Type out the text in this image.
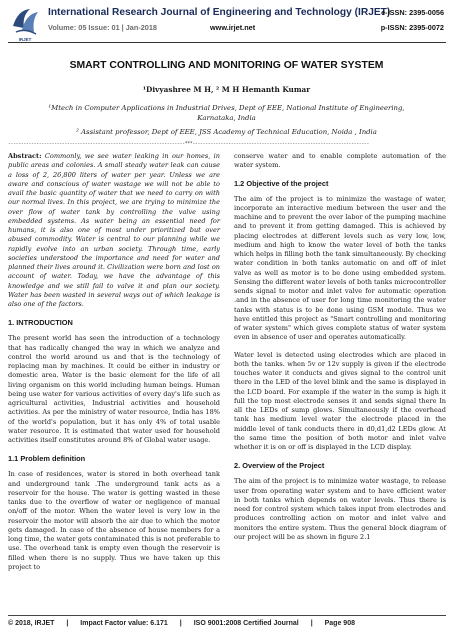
IRJET
International Research Journal of Engineering and Technology (IRJET)
e-ISSN: 2395-0056
Volume: 05 Issue: 01 | Jan-2018	www.irjet.net	p-ISSN: 2395-0072
SMART CONTROLLING AND MONITORING OF WATER SYSTEM
¹Divyashree M H, ² M H Hemanth Kumar
¹Mtech in Computer Applications in Industrial Drives, Dept of EEE, National Institute of Engineering, Karnataka, India
² Assistant professor, Dept of EEE, JSS Academy of Technical Education, Noida , India
---------------------------------------------------------------------***---------------------------------------------------------------------

Abstract: Commonly, we see water leaking in our homes, in public areas and colonies. A small steady water leak can cause a loss of 2, 26,800 liters of water per year. Unless we are aware and conscious of water wastage we will not be able to avail the basic quantity of water that we need to carry on with our normal lives. In this project, we are trying to minimize the over flow of water tank by controlling the valve using embedded systems. As water being an essential need for humans, it is also one of most under prioritized but over abused commodity. Water is central to our planning while we rapidly evolve into an urban society. Through time, early societies understood the importance and need for water and planned their lives around it. Civilization were born and lost on account of water. Today, we have the advantage of this knowledge and we still fail to valve it and plan our society. Water has been wasted in several ways out of which leakage is also one of the factors.

1. INTRODUCTION

The present world has seen the introduction of a technology that has radically changed the way in which we analyze and control the world around us and that is the technology of replacing man by machines. It could be either in industry or domestic area. Water is the basic element for the life of all living organism on this world including human beings. Human being use water for various activities of every day's life such as agricultural activities, Industrial activities and household activities. As per the ministry of water resource, India has 18% of the world's population, but it has only 4% of total usable water resource. It is estimated that water used for household activities itself constitutes around 8% of Global water usage.

1.1 Problem definition

In case of residences, water is stored in both overhead tank and underground tank .The underground tank acts as a reservoir for the house. The water is getting wasted in these tanks due to the overflow of water or negligence of manual on/off of the motor. When the water level is very low in the reservoir the motor will absorb the air due to which the motor gets damaged. In case of the absence of house members for a long time, the water gets contaminated this is not preferable to use. The overhead tank is empty even though the reservoir is filled when there is no supply. Thus we have taken up this project to

conserve water and to enable complete automation of the water system.

1.2 Objective of the project

The aim of the project is to minimize the wastage of water, incorporate an interactive medium between the user and the machine and to prevent the over labor of the pumping machine and to prevent it from getting damaged. This is achieved by placing electrodes at different levels such as very low, low, medium and high to know the water level of both the tanks which helps in filling both the tank simultaneously. By checking water condition in both tanks automatic on and off of inlet valve as well as motor is to be done using embedded system. Sensing the different water levels of both tanks microcontroller sends signal to motor and inlet valve for automatic operation .and in the absence of user for long time monitoring the water tanks with status is to be done using GSM module. Thus we have entitled this project as "Smart controlling and monitoring of water system" which gives complete status of water system even in absence of user and operates automatically.

Water level is detected using electrodes which are placed in both the tanks. when 5v or 12v supply is given if the electrode touches water it conducts and gives signal to the control unit there in the LED of the level blink and the same is displayed in the LCD board. For example if the water in the sump is high it full the top most electrode senses it and sends signal there In all the LEDs of sump glows. Simultaneously if the overhead tank has medium level water the electrode placed in the middle level of tank conducts there in d0,d1,d2 LEDs glow. At the same time the position of both motor and inlet valve whether it is on or off is displayed in the LCD display.

2. Overview of the Project

The aim of the project is to minimize water wastage, to release user from operating water system and to have efficient water in both tanks which depends on water levels. Thus there is need for control system which takes input from electrodes and produces controlling action on motor and inlet valve and monitors the entire system. Thus the general block diagram of our project will be as shown in figure 2.1

© 2018, IRJET | Impact Factor value: 6.171 | ISO 9001:2008 Certified Journal | Page 908
